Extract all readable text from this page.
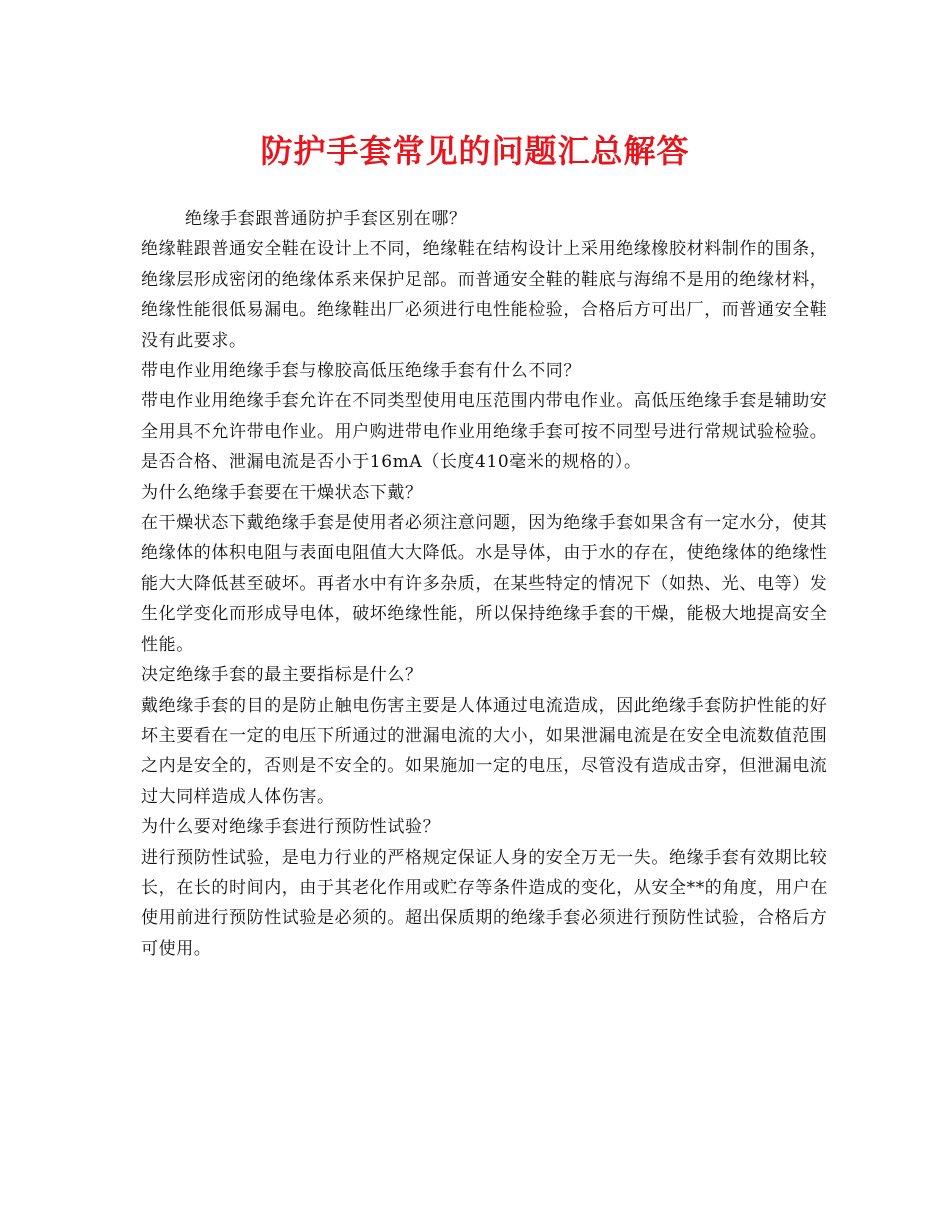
防护手套常见的问题汇总解答

绝缘手套跟普通防护手套区别在哪？

绝缘鞋跟普通安全鞋在设计上不同，绝缘鞋在结构设计上采用绝缘橡胶材料制作的围条，绝缘层形成密闭的绝缘体系来保护足部。而普通安全鞋的鞋底与海绵不是用的绝缘材料，绝缘性能很低易漏电。绝缘鞋出厂必须进行电性能检验，合格后方可出厂，而普通安全鞋没有此要求。

带电作业用绝缘手套与橡胶高低压绝缘手套有什么不同？

带电作业用绝缘手套允许在不同类型使用电压范围内带电作业。高低压绝缘手套是辅助安全用具不允许带电作业。用户购进带电作业用绝缘手套可按不同型号进行常规试验检验。是否合格、泄漏电流是否小于16mA（长度410毫米的规格的）。

为什么绝缘手套要在干燥状态下戴？

在干燥状态下戴绝缘手套是使用者必须注意问题，因为绝缘手套如果含有一定水分，使其绝缘体的体积电阻与表面电阻值大大降低。水是导体，由于水的存在，使绝缘体的绝缘性能大大降低甚至破坏。再者水中有许多杂质，在某些特定的情况下（如热、光、电等）发生化学变化而形成导电体，破坏绝缘性能，所以保持绝缘手套的干燥，能极大地提高安全性能。

决定绝缘手套的最主要指标是什么？

戴绝缘手套的目的是防止触电伤害主要是人体通过电流造成，因此绝缘手套防护性能的好坏主要看在一定的电压下所通过的泄漏电流的大小，如果泄漏电流是在安全电流数值范围之内是安全的，否则是不安全的。如果施加一定的电压，尽管没有造成击穿，但泄漏电流过大同样造成人体伤害。

为什么要对绝缘手套进行预防性试验？

进行预防性试验，是电力行业的严格规定保证人身的安全万无一失。绝缘手套有效期比较长，在长的时间内，由于其老化作用或贮存等条件造成的变化，从安全**的角度，用户在使用前进行预防性试验是必须的。超出保质期的绝缘手套必须进行预防性试验，合格后方可使用。
